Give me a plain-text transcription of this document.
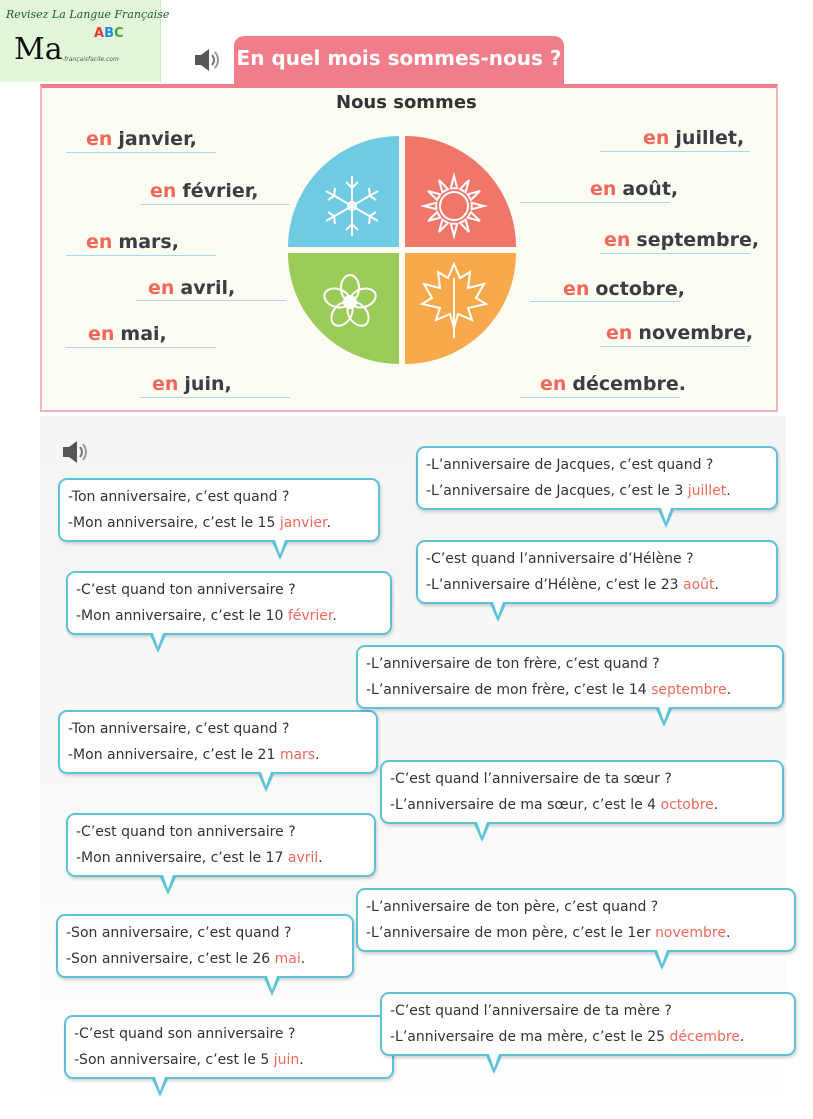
Revisez La Langue Française
Ma ABC
-françaisfacile.com	En quel mois sommes-nous ?
Nous sommes
en janvier,
en février,
en mars,
en avril,
en mai,
en juin,
en juillet,
en août,
en septembre,
en octobre,
en novembre,
en décembre.
-Ton anniversaire, c’est quand ?
-Mon anniversaire, c’est le 15 janvier.
-C’est quand ton anniversaire ?
-Mon anniversaire, c’est le 10 février.
-Ton anniversaire, c’est quand ?
-Mon anniversaire, c’est le 21 mars.
-C’est quand ton anniversaire ?
-Mon anniversaire, c’est le 17 avril.
-Son anniversaire, c’est quand ?
-Son anniversaire, c’est le 26 mai.
-C’est quand son anniversaire ?
-Son anniversaire, c’est le 5 juin.
-L’anniversaire de Jacques, c’est quand ?
-L’anniversaire de Jacques, c’est le 3 juillet.
-C’est quand l’anniversaire d’Hélène ?
-L’anniversaire d’Hélène, c’est le 23 août.
-L’anniversaire de ton frère, c’est quand ?
-L’anniversaire de mon frère, c’est le 14 septembre.
-C’est quand l’anniversaire de ta sœur ?
-L’anniversaire de ma sœur, c’est le 4 octobre.
-L’anniversaire de ton père, c’est quand ?
-L’anniversaire de mon père, c’est le 1er novembre.
-C’est quand l’anniversaire de ta mère ?
-L’anniversaire de ma mère, c’est le 25 décembre.
